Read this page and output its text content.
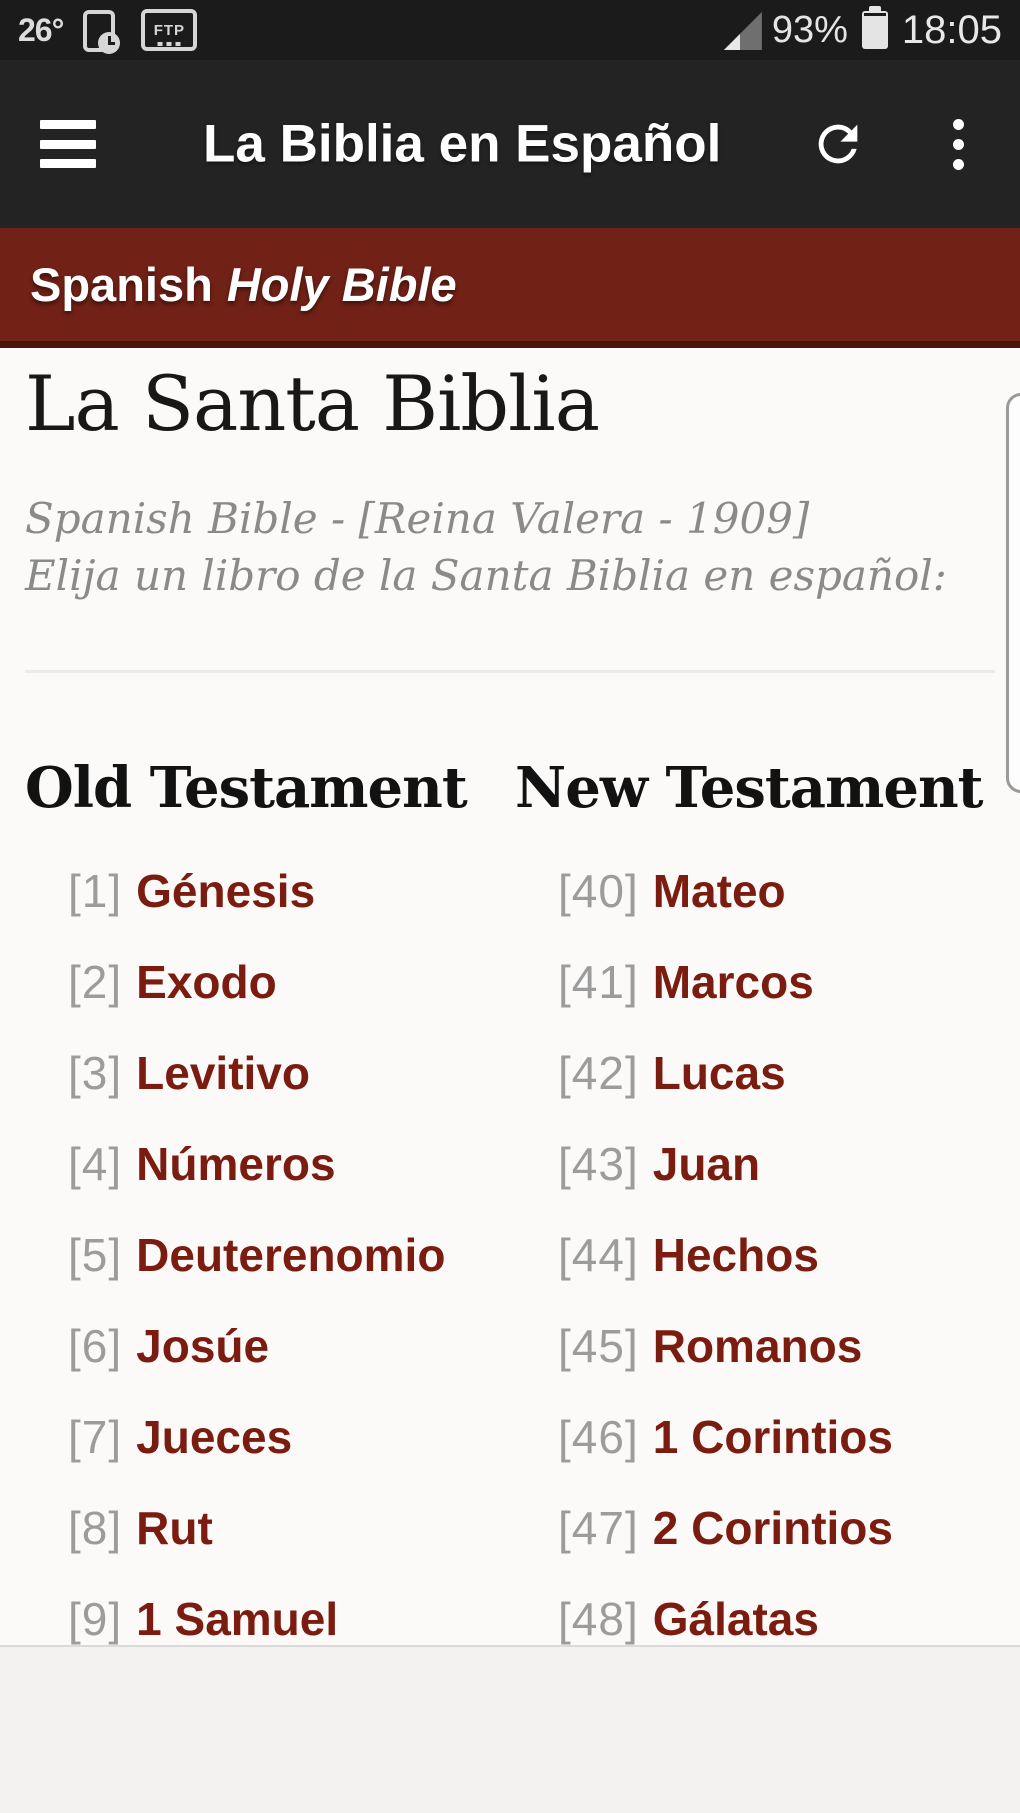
26°	FTP	93% 18:05
La Biblia en Español
Spanish Holy Bible
La Santa Biblia
Spanish Bible - [Reina Valera - 1909]
Elija un libro de la Santa Biblia en español:
Old Testament
[1] Génesis
[2] Exodo
[3] Levitivo
[4] Números
[5] Deuterenomio
[6] Josúe
[7] Jueces
[8] Rut
[9] 1 Samuel
New Testament
[40] Mateo
[41] Marcos
[42] Lucas
[43] Juan
[44] Hechos
[45] Romanos
[46] 1 Corintios
[47] 2 Corintios
[48] Gálatas
